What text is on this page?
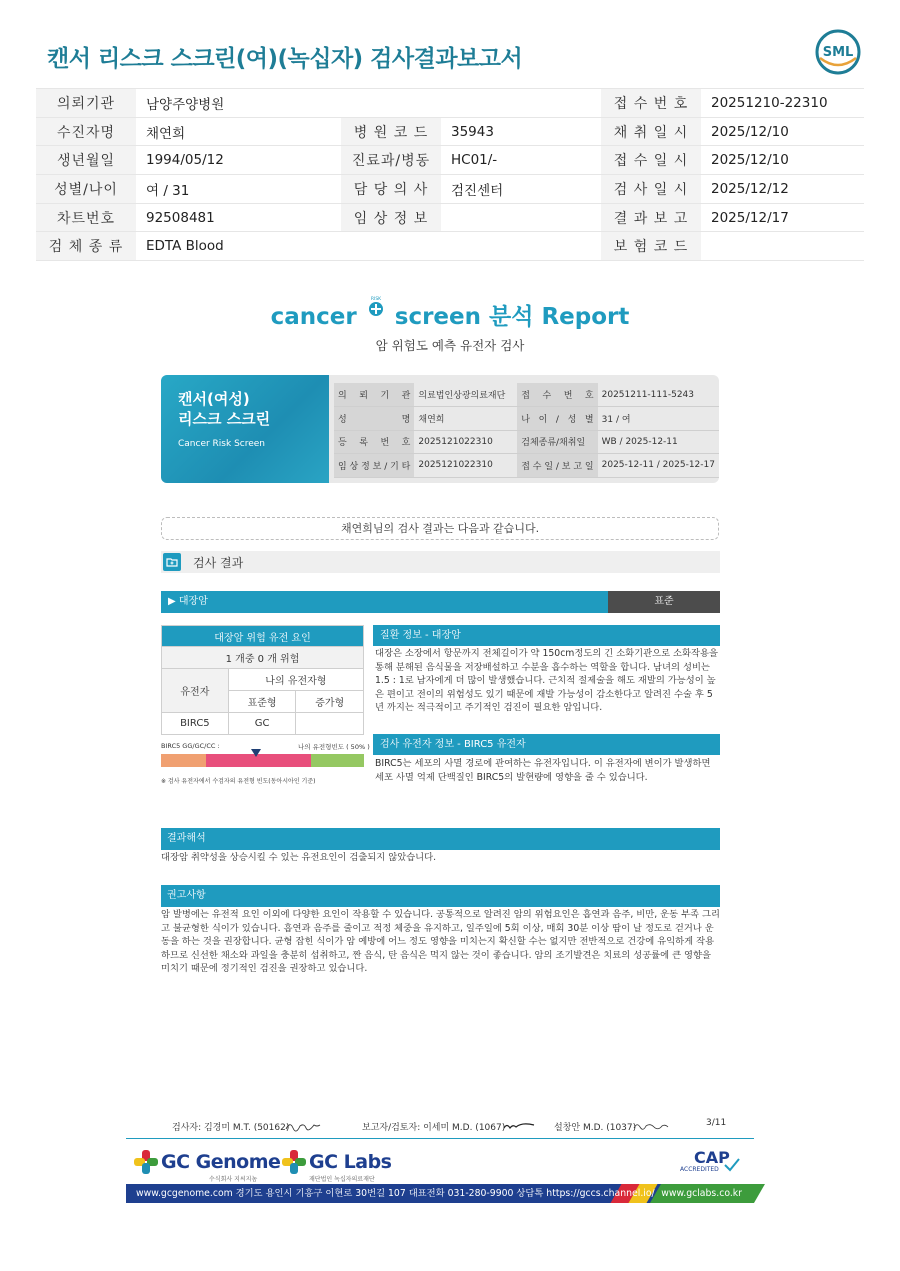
캔서 리스크 스크린(여)(녹십자) 검사결과보고서	SML
의뢰기관	남양주양병원			접 수 번 호	20251210-22310
수진자명	채연희	병 원 코 드	35943	채 취 일 시	2025/12/10
생년월일	1994/05/12	진료과/병동	HC01/-	접 수 일 시	2025/12/10
성별/나이	여 / 31	담 당 의 사	검진센터	검 사 일 시	2025/12/12
차트번호	92508481	임 상 정 보		결 과 보 고	2025/12/17
검 체 종 류	EDTA Blood			보 험 코 드	
cancer screen 분석 Report
RISK
암 위험도 예측 유전자 검사
캔서(여성)
리스크 스크린
Cancer Risk Screen
의 뢰 기 관	의료법인상광의료재단	접 수 번 호	20251211-111-5243
성 명	채연희	나 이 / 성 별	31 / 여
등 록 번 호	2025121022310	검체종류/채취일	WB / 2025-12-11
임 상 정 보 / 기 타	2025121022310	접 수 일 / 보 고 일	2025-12-11 / 2025-12-17
채연희님의 검사 결과는 다음과 같습니다.
검사 결과
▶ 대장암	표준
대장암 위험 유전 요인		
1 개중 0 개 위험		
유전자	나의 유전자형	
	표준형	증가형
BIRC5	GC	
BIRC5 GG/GC/CC :	나의 유전형빈도 ( 50% )
※ 검사 유전자에서 수검자의 유전형 빈도(동아시아인 기준)
질환 정보 - 대장암
대장은 소장에서 항문까지 전체길이가 약 150cm정도의 긴 소화기관으로 소화작용을 통해 분해된 음식물을 저장배설하고 수분을 흡수하는 역할을 합니다. 남녀의 성비는 1.5 : 1로 남자에게 더 많이 발생했습니다. 근치적 절제술을 해도 재발의 가능성이 높은 편이고 전이의 위험성도 있기 때문에 재발 가능성이 감소한다고 알려진 수술 후 5년 까지는 적극적이고 주기적인 검진이 필요한 암입니다.
검사 유전자 정보 - BIRC5 유전자
BIRC5는 세포의 사멸 경로에 관여하는 유전자입니다. 이 유전자에 변이가 발생하면 세포 사멸 억제 단백질인 BIRC5의 발현량에 영향을 줄 수 있습니다.
결과해석
대장암 취약성을 상승시킬 수 있는 유전요인이 검출되지 않았습니다.
권고사항
암 발병에는 유전적 요인 이외에 다양한 요인이 작용할 수 있습니다. 공통적으로 알려진 암의 위험요인은 흡연과 음주, 비만, 운동 부족 그리고 불균형한 식이가 있습니다. 흡연과 음주를 줄이고 적정 체중을 유지하고, 일주일에 5회 이상, 매회 30분 이상 땀이 날 정도로 걷거나 운동을 하는 것을 권장합니다. 균형 잡힌 식이가 암 예방에 어느 정도 영향을 미치는지 확신할 수는 없지만 전반적으로 건강에 유익하게 작용하므로 신선한 채소와 과일을 충분히 섭취하고, 짠 음식, 탄 음식은 먹지 않는 것이 좋습니다. 암의 조기발견은 치료의 성공률에 큰 영향을 미치기 때문에 정기적인 검진을 권장하고 있습니다.
검사자: 김경미 M.T. (50162)	보고자/검토자: 이세미 M.D. (1067)	설창안 M.D. (1037)	3/11
GC Genome
수식회사 지씨지놈
GC Labs
재단법인 녹십자의료재단
CAP
ACCREDITED
www.gcgenome.com 경기도 용인시 기흥구 이현로 30번길 107 대표전화 031-280-9900 상담톡 https://gccs.channel.io/ www.gclabs.co.kr
